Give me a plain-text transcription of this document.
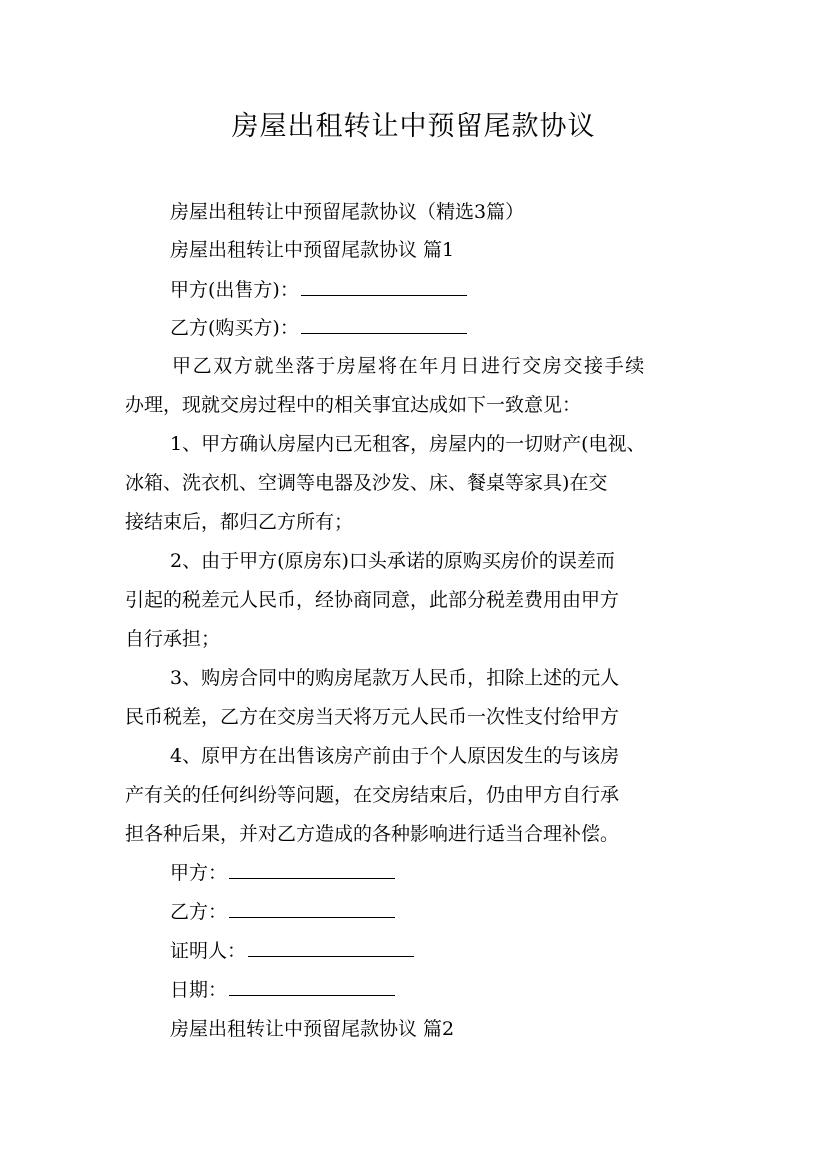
房屋出租转让中预留尾款协议
房屋出租转让中预留尾款协议（精选3篇）
房屋出租转让中预留尾款协议 篇1
甲方(出售方)：
乙方(购买方)：
甲乙双方就坐落于房屋将在年月日进行交房交接手续
办理，现就交房过程中的相关事宜达成如下一致意见：
1、甲方确认房屋内已无租客，房屋内的一切财产(电视、
冰箱、洗衣机、空调等电器及沙发、床、餐桌等家具)在交
接结束后，都归乙方所有；
2、由于甲方(原房东)口头承诺的原购买房价的误差而
引起的税差元人民币，经协商同意，此部分税差费用由甲方
自行承担；
3、购房合同中的购房尾款万人民币，扣除上述的元人
民币税差，乙方在交房当天将万元人民币一次性支付给甲方
4、原甲方在出售该房产前由于个人原因发生的与该房
产有关的任何纠纷等问题，在交房结束后，仍由甲方自行承
担各种后果，并对乙方造成的各种影响进行适当合理补偿。
甲方：
乙方：
证明人：
日期：
房屋出租转让中预留尾款协议 篇2
